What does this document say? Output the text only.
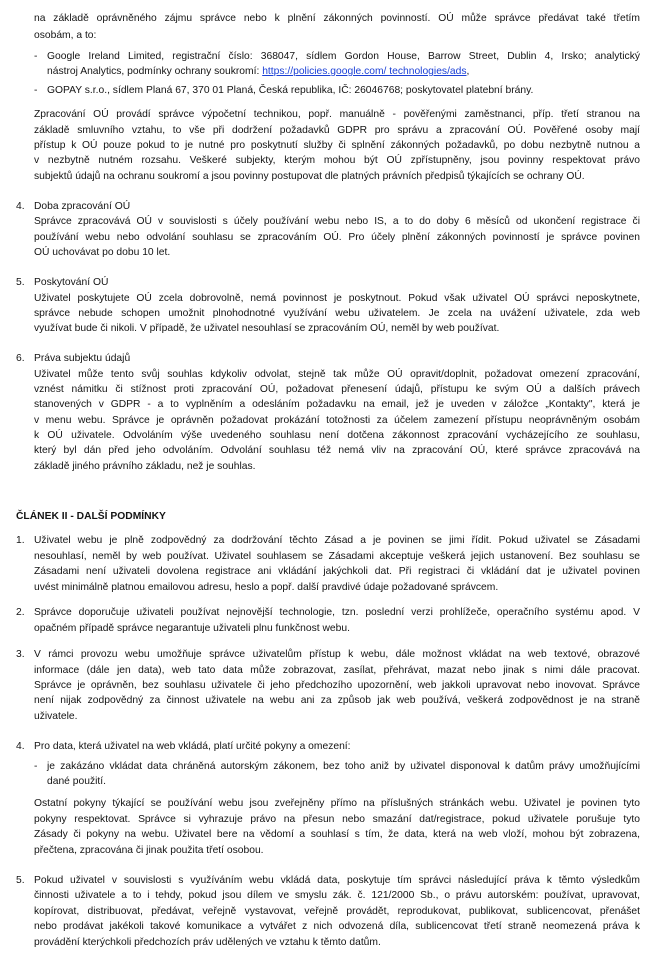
na základě oprávněného zájmu správce nebo k plnění zákonných povinností. OÚ může správce předávat také třetím
osobám, a to:
- Google Ireland Limited, registrační číslo: 368047, sídlem Gordon House, Barrow Street, Dublin 4, Irsko; analytický
nástroj Analytics, podmínky ochrany soukromí: https://policies.google.com/ technologies/ads,
- GOPAY s.r.o., sídlem Planá 67, 370 01 Planá, Česká republika, IČ: 26046768; poskytovatel platební brány.
Zpracování OÚ provádí správce výpočetní technikou, popř. manuálně - pověřenými zaměstnanci, příp. třetí stranou na
základě smluvního vztahu, to vše při dodržení požadavků GDPR pro správu a zpracování OÚ. Pověřené osoby mají
přístup k OÚ pouze pokud to je nutné pro poskytnutí služby či splnění zákonných požadavků, po dobu nezbytně nutnou a
v nezbytně nutném rozsahu. Veškeré subjekty, kterým mohou být OÚ zpřístupněny, jsou povinny respektovat právo
subjektů údajů na ochranu soukromí a jsou povinny postupovat dle platných právních předpisů týkajících se ochrany OÚ.
4. Doba zpracování OÚ
Správce zpracovává OÚ v souvislosti s účely používání webu nebo IS, a to do doby 6 měsíců od ukončení registrace či
používání webu nebo odvolání souhlasu se zpracováním OÚ. Pro účely plnění zákonných povinností je správce povinen
OÚ uchovávat po dobu 10 let.
5. Poskytování OÚ
Uživatel poskytujete OÚ zcela dobrovolně, nemá povinnost je poskytnout. Pokud však uživatel OÚ správci neposkytnete,
správce nebude schopen umožnit plnohodnotné využívání webu uživatelem. Je zcela na uvážení uživatele, zda web
využívat bude či nikoli. V případě, že uživatel nesouhlasí se zpracováním OÚ, neměl by web používat.
6. Práva subjektu údajů
Uživatel může tento svůj souhlas kdykoliv odvolat, stejně tak může OÚ opravit/doplnit, požadovat omezení zpracování,
vznést námitku či stížnost proti zpracování OÚ, požadovat přenesení údajů, přístupu ke svým OÚ a dalších právech
stanovených v GDPR - a to vyplněním a odesláním požadavku na email, jež je uveden v záložce „Kontakty", která je
v menu webu. Správce je oprávněn požadovat prokázání totožnosti za účelem zamezení přístupu neoprávněným osobám
k OÚ uživatele. Odvoláním výše uvedeného souhlasu není dotčena zákonnost zpracování vycházejícího ze souhlasu,
který byl dán před jeho odvoláním. Odvolání souhlasu též nemá vliv na zpracování OÚ, které správce zpracovává na
základě jiného právního základu, než je souhlas.
ČLÁNEK II - DALŠÍ PODMÍNKY
1. Uživatel webu je plně zodpovědný za dodržování těchto Zásad a je povinen se jimi řídit. Pokud uživatel se Zásadami
nesouhlasí, neměl by web používat. Uživatel souhlasem se Zásadami akceptuje veškerá jejich ustanovení. Bez souhlasu se
Zásadami není uživateli dovolena registrace ani vkládání jakýchkoli dat. Při registraci či vkládání dat je uživatel povinen
uvést minimálně platnou emailovou adresu, heslo a popř. další pravdivé údaje požadované správcem.
2. Správce doporučuje uživateli používat nejnovější technologie, tzn. poslední verzi prohlížeče, operačního systému apod. V
opačném případě správce negarantuje uživateli plnu funkčnost webu.
3. V rámci provozu webu umožňuje správce uživatelům přístup k webu, dále možnost vkládat na web textové, obrazové
informace (dále jen data), web tato data může zobrazovat, zasílat, přehrávat, mazat nebo jinak s nimi dále pracovat.
Správce je oprávněn, bez souhlasu uživatele či jeho předchozího upozornění, web jakkoli upravovat nebo inovovat. Správce
není nijak zodpovědný za činnost uživatele na webu ani za způsob jak web používá, veškerá zodpovědnost je na straně
uživatele.
4. Pro data, která uživatel na web vkládá, platí určité pokyny a omezení:
- je zakázáno vkládat data chráněná autorským zákonem, bez toho aniž by uživatel disponoval k datům právy umožňujícími
dané použití.
Ostatní pokyny týkající se používání webu jsou zveřejněny přímo na příslušných stránkách webu. Uživatel je povinen tyto
pokyny respektovat. Správce si vyhrazuje právo na přesun nebo smazání dat/registrace, pokud uživatele porušuje tyto
Zásady či pokyny na webu. Uživatel bere na vědomí a souhlasí s tím, že data, která na web vloží, mohou být zobrazena,
přečtena, zpracována či jinak použita třetí osobou.
5. Pokud uživatel v souvislosti s využíváním webu vkládá data, poskytuje tím správci následující práva k těmto výsledkům
činnosti uživatele a to i tehdy, pokud jsou dílem ve smyslu zák. č. 121/2000 Sb., o právu autorském: používat, upravovat,
kopírovat, distribuovat, předávat, veřejně vystavovat, veřejně provádět, reprodukovat, publikovat, sublicencovat, přenášet
nebo prodávat jakékoli takové komunikace a vytvářet z nich odvozená díla, sublicencovat třetí straně neomezená práva k
provádění kterýchkoli předchozích práv udělených ve vztahu k těmto datům.
